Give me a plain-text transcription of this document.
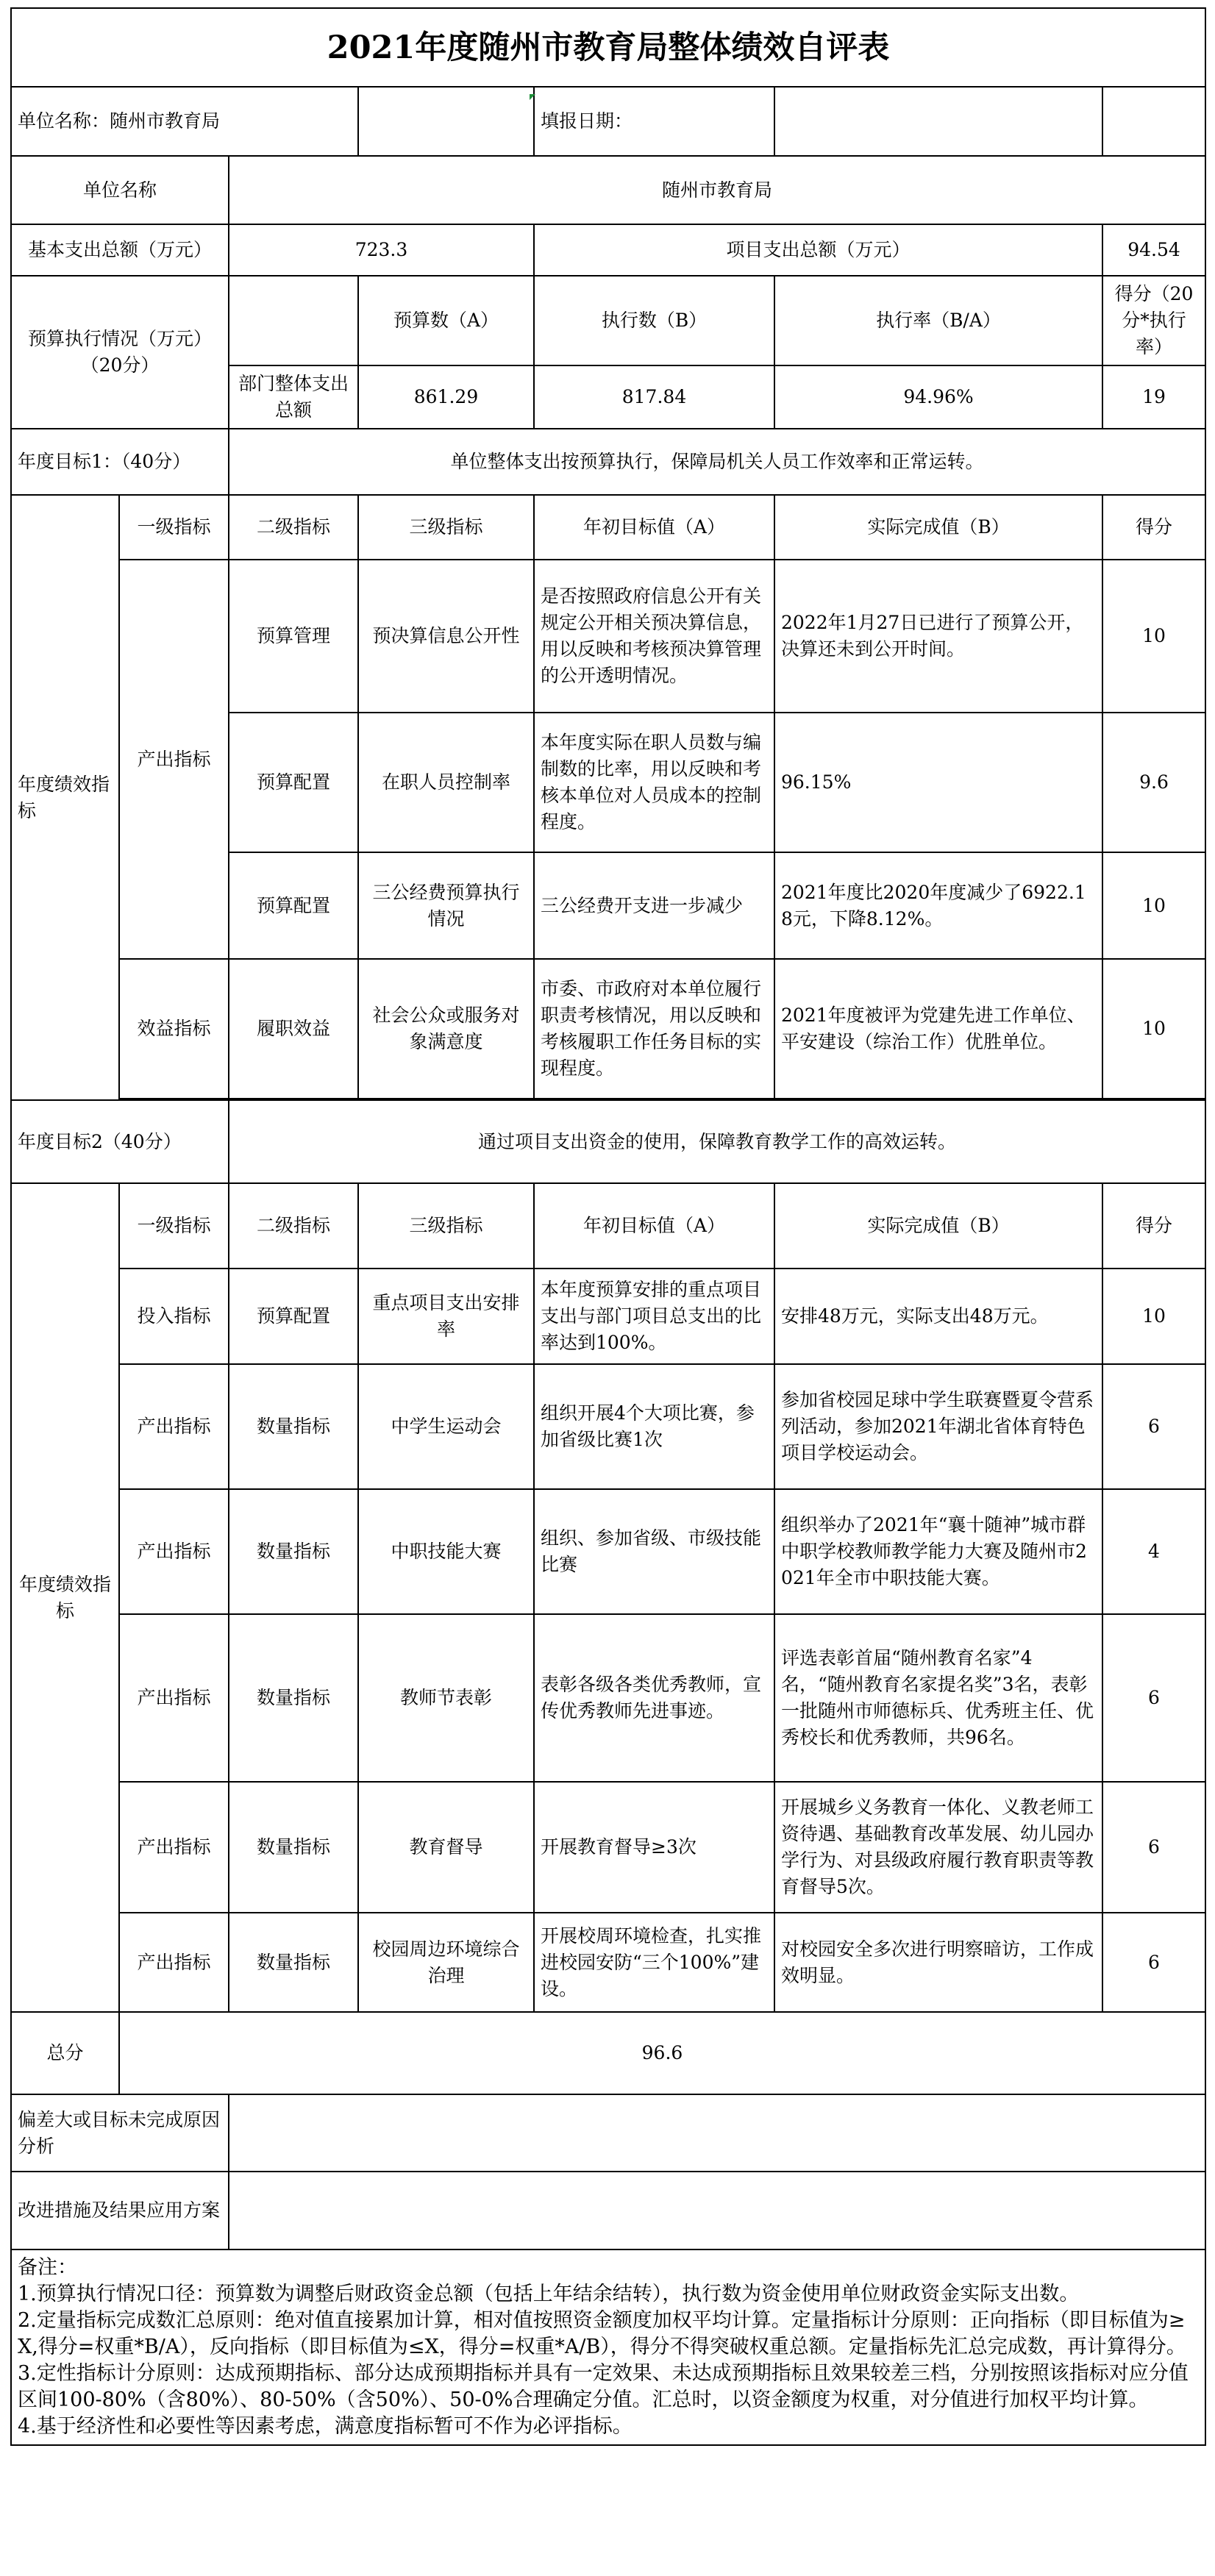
2021年度随州市教育局整体绩效自评表						
单位名称：随州市教育局				填报日期：		
单位名称		随州市教育局				
基本支出总额（万元）		723.3		项目支出总额（万元）		94.54
预算执行情况（万元）（20分）			预算数（A）	执行数（B）	执行率（B/A）	得分（20分*执行率）
		部门整体支出总额	861.29	817.84	94.96%	19
年度目标1：（40分）		单位整体支出按预算执行，保障局机关人员工作效率和正常运转。				
年度绩效指标	一级指标	二级指标	三级指标	年初目标值（A）	实际完成值（B）	得分
	产出指标	预算管理	预决算信息公开性	是否按照政府信息公开有关规定公开相关预决算信息，用以反映和考核预决算管理的公开透明情况。	2022年1月27日已进行了预算公开，决算还未到公开时间。	10
		预算配置	在职人员控制率	本年度实际在职人员数与编制数的比率，用以反映和考核本单位对人员成本的控制程度。	96.15%	9.6
		预算配置	三公经费预算执行情况	三公经费开支进一步减少	2021年度比2020年度减少了6922.18元，下降8.12%。	10
	效益指标	履职效益	社会公众或服务对象满意度	市委、市政府对本单位履行职责考核情况，用以反映和考核履职工作任务目标的实现程度。	2021年度被评为党建先进工作单位、平安建设（综治工作）优胜单位。	10

年度目标2（40分）		通过项目支出资金的使用，保障教育教学工作的高效运转。				
年度绩效指标	一级指标	二级指标	三级指标	年初目标值（A）	实际完成值（B）	得分
	投入指标	预算配置	重点项目支出安排率	本年度预算安排的重点项目支出与部门项目总支出的比率达到100%。	安排48万元，实际支出48万元。	10
	产出指标	数量指标	中学生运动会	组织开展4个大项比赛，参加省级比赛1次	参加省校园足球中学生联赛暨夏令营系列活动，参加2021年湖北省体育特色项目学校运动会。	6
	产出指标	数量指标	中职技能大赛	组织、参加省级、市级技能比赛	组织举办了2021年“襄十随神”城市群中职学校教师教学能力大赛及随州市2021年全市中职技能大赛。	4
	产出指标	数量指标	教师节表彰	表彰各级各类优秀教师，宣传优秀教师先进事迹。	评选表彰首届“随州教育名家”4名，“随州教育名家提名奖”3名，表彰一批随州市师德标兵、优秀班主任、优秀校长和优秀教师，共96名。	6
	产出指标	数量指标	教育督导	开展教育督导≥3次	开展城乡义务教育一体化、义教老师工资待遇、基础教育改革发展、幼儿园办学行为、对县级政府履行教育职责等教育督导5次。	6
	产出指标	数量指标	校园周边环境综合治理	开展校周环境检查，扎实推进校园安防“三个100%”建设。	对校园安全多次进行明察暗访，工作成效明显。	6
总分	96.6					
偏差大或目标未完成原因分析						
改进措施及结果应用方案						

备注：
1.预算执行情况口径：预算数为调整后财政资金总额（包括上年结余结转），执行数为资金使用单位财政资金实际支出数。
2.定量指标完成数汇总原则：绝对值直接累加计算，相对值按照资金额度加权平均计算。定量指标计分原则：正向指标（即目标值为≥X,得分=权重*B/A），反向指标（即目标值为≤X，得分=权重*A/B），得分不得突破权重总额。定量指标先汇总完成数，再计算得分。
3.定性指标计分原则：达成预期指标、部分达成预期指标并具有一定效果、未达成预期指标且效果较差三档，分别按照该指标对应分值区间100-80%（含80%）、80-50%（含50%）、50-0%合理确定分值。汇总时，以资金额度为权重，对分值进行加权平均计算。
4.基于经济性和必要性等因素考虑，满意度指标暂可不作为必评指标。						
